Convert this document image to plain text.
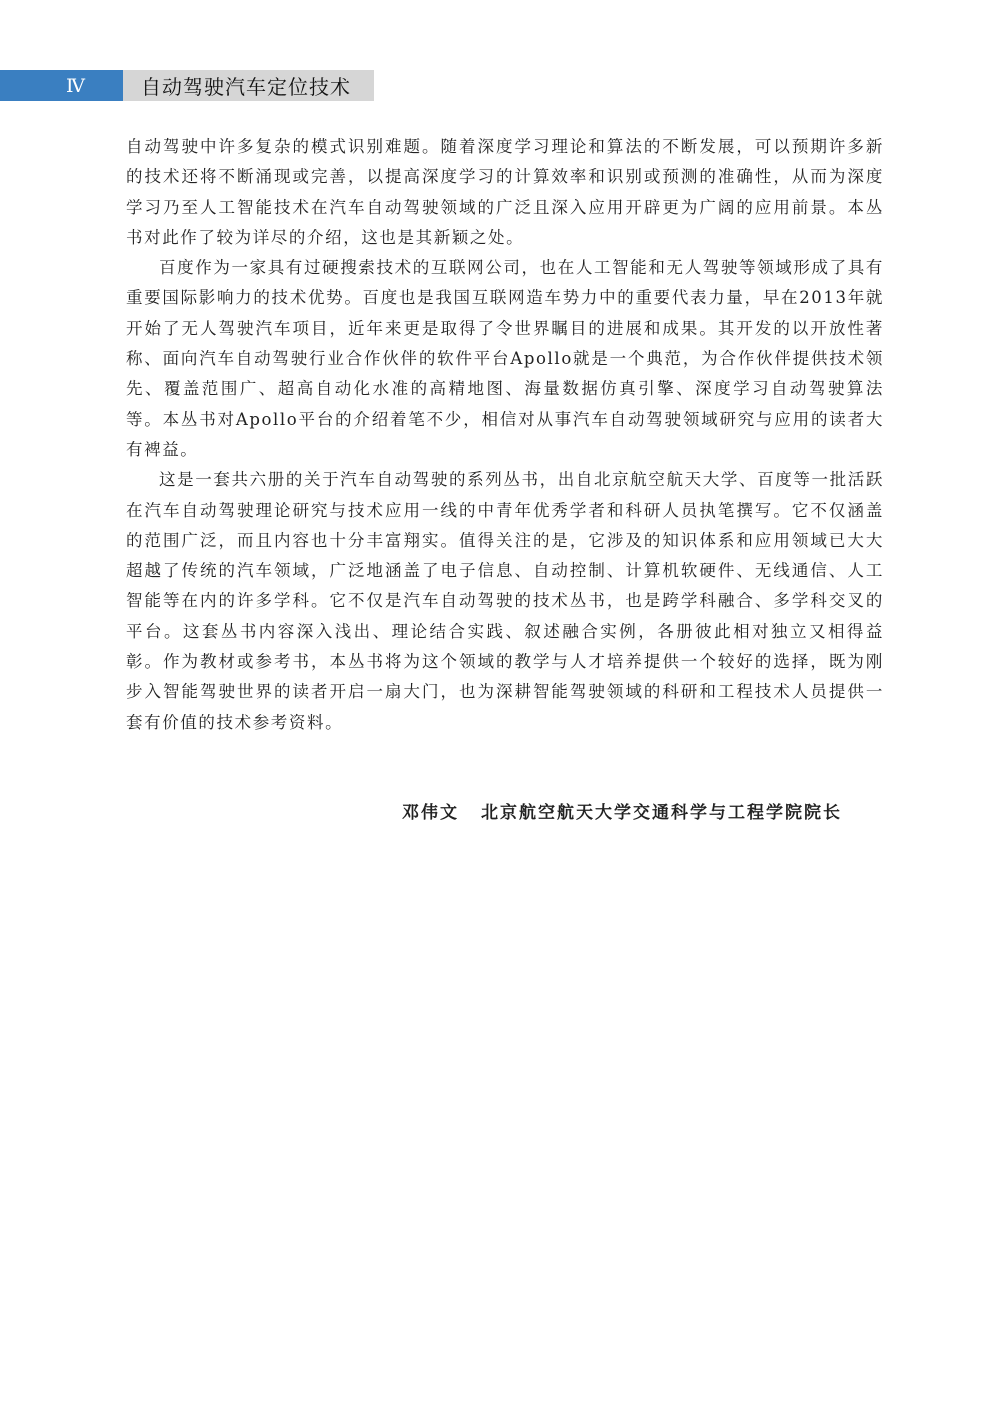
Ⅳ	自动驾驶汽车定位技术

自动驾驶中许多复杂的模式识别难题。随着深度学习理论和算法的不断发展，可以预期许多新的技术还将不断涌现或完善，以提高深度学习的计算效率和识别或预测的准确性，从而为深度学习乃至人工智能技术在汽车自动驾驶领域的广泛且深入应用开辟更为广阔的应用前景。本丛书对此作了较为详尽的介绍，这也是其新颖之处。

百度作为一家具有过硬搜索技术的互联网公司，也在人工智能和无人驾驶等领域形成了具有重要国际影响力的技术优势。百度也是我国互联网造车势力中的重要代表力量，早在2013年就开始了无人驾驶汽车项目，近年来更是取得了令世界瞩目的进展和成果。其开发的以开放性著称、面向汽车自动驾驶行业合作伙伴的软件平台Apollo就是一个典范，为合作伙伴提供技术领先、覆盖范围广、超高自动化水准的高精地图、海量数据仿真引擎、深度学习自动驾驶算法等。本丛书对Apollo平台的介绍着笔不少，相信对从事汽车自动驾驶领域研究与应用的读者大有裨益。

这是一套共六册的关于汽车自动驾驶的系列丛书，出自北京航空航天大学、百度等一批活跃在汽车自动驾驶理论研究与技术应用一线的中青年优秀学者和科研人员执笔撰写。它不仅涵盖的范围广泛，而且内容也十分丰富翔实。值得关注的是，它涉及的知识体系和应用领域已大大超越了传统的汽车领域，广泛地涵盖了电子信息、自动控制、计算机软硬件、无线通信、人工智能等在内的许多学科。它不仅是汽车自动驾驶的技术丛书，也是跨学科融合、多学科交叉的平台。这套丛书内容深入浅出、理论结合实践、叙述融合实例，各册彼此相对独立又相得益彰。作为教材或参考书，本丛书将为这个领域的教学与人才培养提供一个较好的选择，既为刚步入智能驾驶世界的读者开启一扇大门，也为深耕智能驾驶领域的科研和工程技术人员提供一套有价值的技术参考资料。

邓伟文 北京航空航天大学交通科学与工程学院院长
